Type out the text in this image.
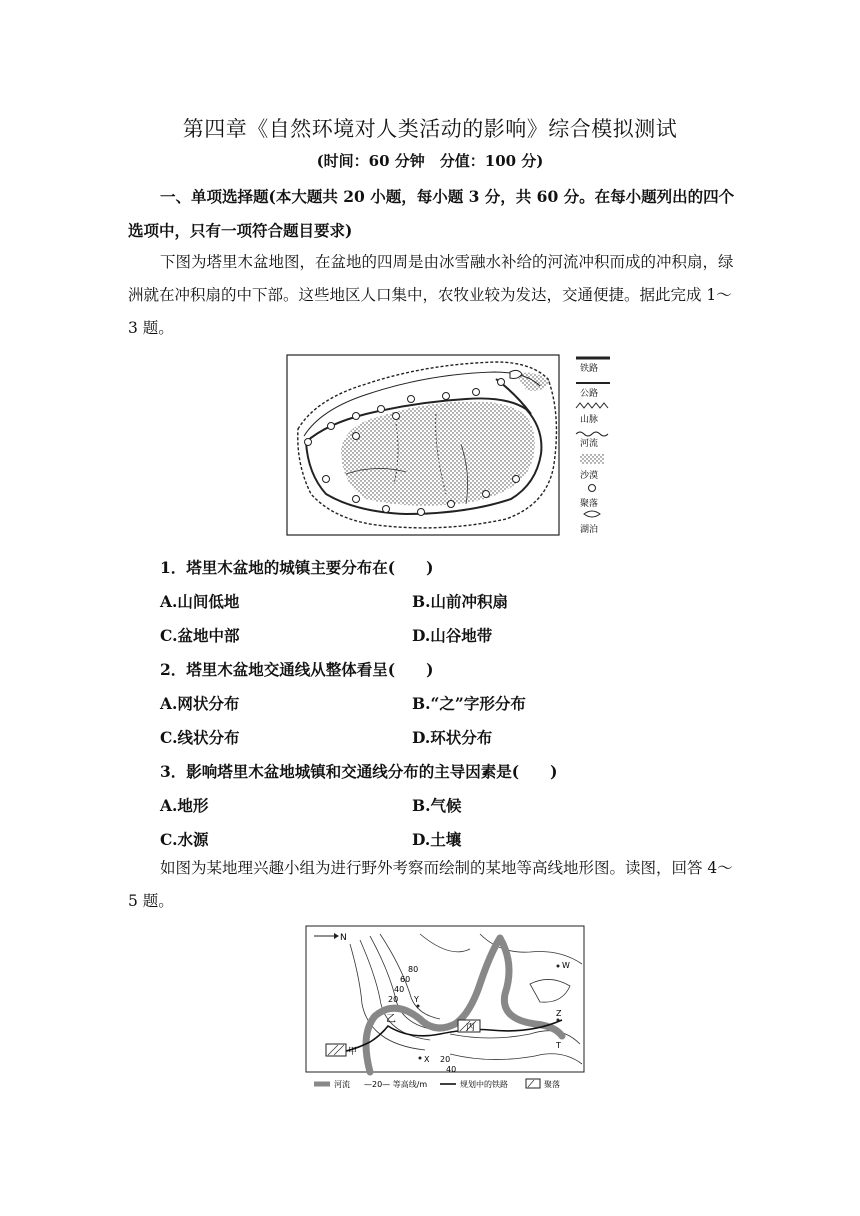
第四章《自然环境对人类活动的影响》综合模拟测试
(时间：60 分钟　分值：100 分)
一、单项选择题(本大题共 20 小题，每小题 3 分，共 60 分。在每小题列出的四个选项中，只有一项符合题目要求)
下图为塔里木盆地图，在盆地的四周是由冰雪融水补给的河流冲积而成的冲积扇，绿洲就在冲积扇的中下部。这些地区人口集中，农牧业较为发达，交通便捷。据此完成 1～3 题。
铁路
公路
山脉
河流
沙漠
聚落
湖泊
1．塔里木盆地的城镇主要分布在(　　)
A.山间低地	B.山前冲积扇
C.盆地中部	D.山谷地带
2．塔里木盆地交通线从整体看呈(　　)
A.网状分布	B.“之”字形分布
C.线状分布	D.环状分布
3．影响塔里木盆地城镇和交通线分布的主导因素是(　　)
A.地形	B.气候
C.水源	D.土壤
如图为某地理兴趣小组为进行野外考察而绘制的某地等高线地形图。读图，回答 4～5 题。
N
甲
丙
乙
Y
X
Z
W
T
80
60
40
20
20
40
河流 —20— 等高线/m	规划中的铁路	聚落
